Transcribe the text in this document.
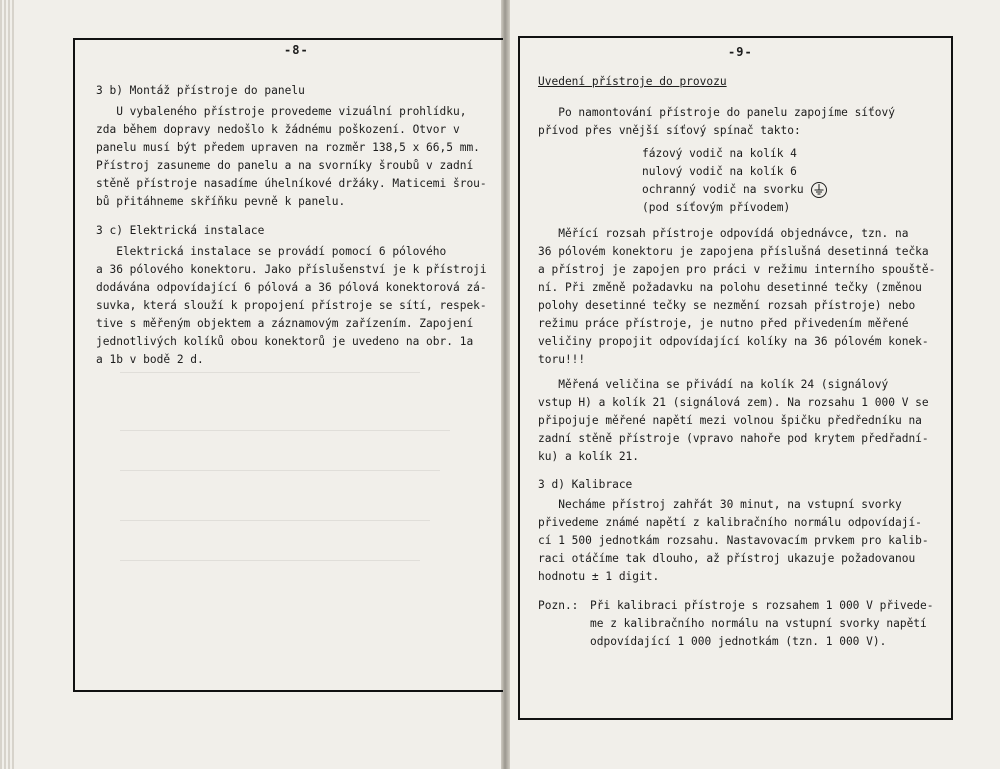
-8-
3 b) Montáž přístroje do panelu
U vybaleného přístroje provedeme vizuální prohlídku,
zda během dopravy nedošlo k žádnému poškození. Otvor v
panelu musí být předem upraven na rozměr 138,5 x 66,5 mm.
Přístroj zasuneme do panelu a na svorníky šroubů v zadní
stěně přístroje nasadíme úhelníkové držáky. Maticemi šrou-
bů přitáhneme skříňku pevně k panelu.
3 c) Elektrická instalace
Elektrická instalace se provádí pomocí 6 pólového
a 36 pólového konektoru. Jako příslušenství je k přístroji
dodávána odpovídající 6 pólová a 36 pólová konektorová zá-
suvka, která slouží k propojení přístroje se sítí, respek-
tive s měřeným objektem a záznamovým zařízením. Zapojení
jednotlivých kolíků obou konektorů je uvedeno na obr. 1a
a 1b v bodě 2 d.
-9-
Uvedení přístroje do provozu
Po namontování přístroje do panelu zapojíme síťový
přívod přes vnější síťový spínač takto:
fázový vodič na kolík 4
nulový vodič na kolík 6
ochranný vodič na svorku
(pod síťovým přívodem)
Měřící rozsah přístroje odpovídá objednávce, tzn. na
36 pólovém konektoru je zapojena příslušná desetinná tečka
a přístroj je zapojen pro práci v režimu interního spouště-
ní. Při změně požadavku na polohu desetinné tečky (změnou
polohy desetinné tečky se nezmění rozsah přístroje) nebo
režimu práce přístroje, je nutno před přivedením měřené
veličiny propojit odpovídající kolíky na 36 pólovém konek-
toru!!!
Měřená veličina se přivádí na kolík 24 (signálový
vstup H) a kolík 21 (signálová zem). Na rozsahu 1 000 V se
připojuje měřené napětí mezi volnou špičku předředníku na
zadní stěně přístroje (vpravo nahoře pod krytem předřadní-
ku) a kolík 21.
3 d) Kalibrace
Necháme přístroj zahřát 30 minut, na vstupní svorky
přivedeme známé napětí z kalibračního normálu odpovídají-
cí 1 500 jednotkám rozsahu. Nastavovacím prvkem pro kalib-
raci otáčíme tak dlouho, až přístroj ukazuje požadovanou
hodnotu ± 1 digit.
Pozn.: Při kalibraci přístroje s rozsahem 1 000 V přivede-
me z kalibračního normálu na vstupní svorky napětí
odpovídající 1 000 jednotkám (tzn. 1 000 V).
